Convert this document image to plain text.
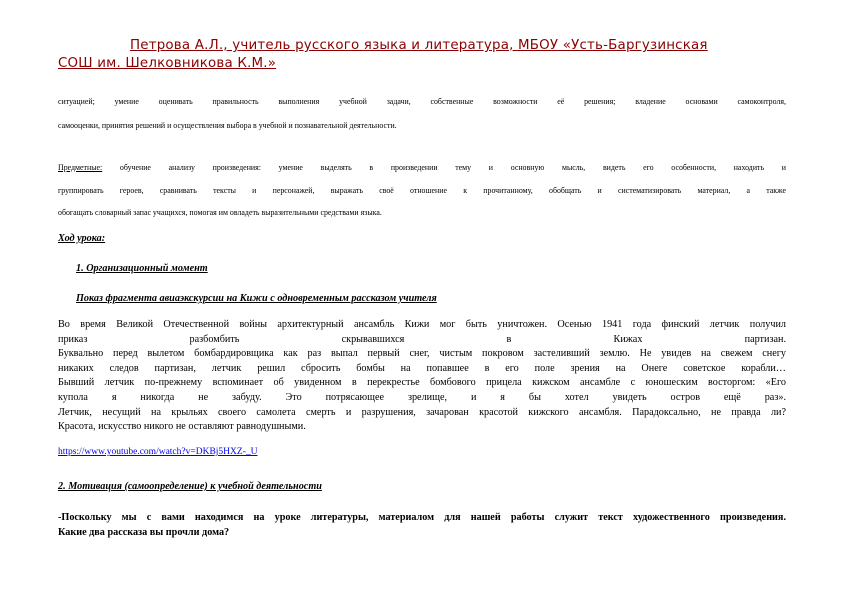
Петрова А.Л., учитель русского языка и литература, МБОУ «Усть-Баргузинская
СОШ им. Шелковникова К.М.»

ситуацией; умение оценивать правильность выполнения учебной задачи, собственные возможности её решения; владение основами самоконтроля,

самооценки, принятия решений и осуществления выбора в учебной и познавательной деятельности.

Предметные: обучение анализу произведения: умение выделять в произведении тему и основную мысль, видеть его особенности, находить и

группировать героев, сравнивать тексты и персонажей, выражать своё отношение к прочитанному, обобщать и систематизировать материал, а также

обогащать словарный запас учащихся, помогая им овладеть выразительными средствами языка.

Ход урока:

1. Организационный момент

Показ фрагмента авиаэкскурсии на Кижи с одновременным рассказом учителя

Во время Великой Отечественной войны архитектурный ансамбль Кижи мог быть уничтожен. Осенью 1941 года финский летчик получил

приказ разбомбить скрывавшихся в Кижах партизан.

Буквально перед вылетом бомбардировщика как раз выпал первый снег, чистым покровом застеливший землю. Не увидев на свежем снегу

никаких следов партизан, летчик решил сбросить бомбы на попавшее в его поле зрения на Онеге советское корабли…

Бывший летчик по-прежнему вспоминает об увиденном в перекрестье бомбового прицела кижском ансамбле с юношеским восторгом: «Его

купола я никогда не забуду. Это потрясающее зрелище, и я бы хотел увидеть остров ещё раз».

Летчик, несущий на крыльях своего самолета смерть и разрушения, зачарован красотой кижского ансамбля. Парадоксально, не правда ли?

Красота, искусство никого не оставляют равнодушными.

https://www.youtube.com/watch?v=DKBj5HXZ-_U

2. Мотивация (самоопределение) к учебной деятельности

-Поскольку мы с вами находимся на уроке литературы, материалом для нашей работы служит текст художественного произведения.

Какие два рассказа вы прочли дома?
